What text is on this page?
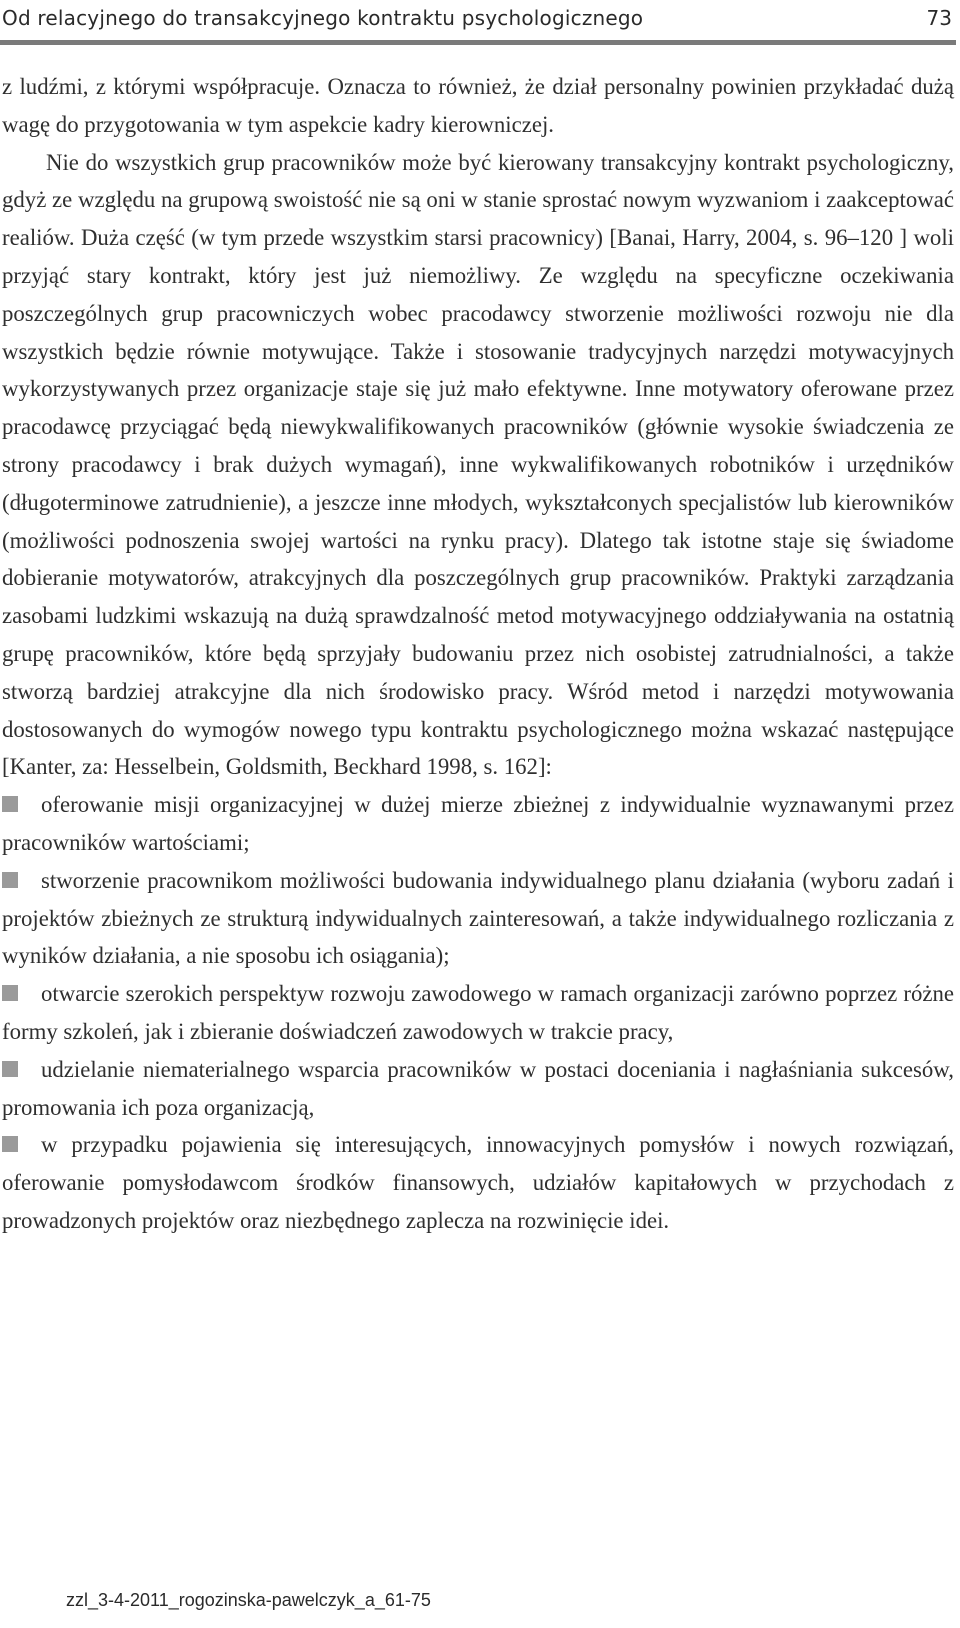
Od relacyjnego do transakcyjnego kontraktu psychologicznego	73

z ludźmi, z którymi współpracuje. Oznacza to również, że dział personalny powinien przykładać dużą wagę do przygotowania w tym aspekcie kadry kierowniczej.

Nie do wszystkich grup pracowników może być kierowany transakcyjny kontrakt psychologiczny, gdyż ze względu na grupową swoistość nie są oni w stanie sprostać nowym wyzwaniom i zaakceptować realiów. Duża część (w tym przede wszystkim starsi pracownicy) [Banai, Harry, 2004, s. 96–120 ] woli przyjąć stary kontrakt, który jest już niemożliwy. Ze względu na specyficzne oczekiwania poszczególnych grup pracowniczych wobec pracodawcy stworzenie możliwości rozwoju nie dla wszystkich będzie równie motywujące. Także i stosowanie tradycyjnych narzędzi motywacyjnych wykorzystywanych przez organizacje staje się już mało efektywne. Inne motywatory oferowane przez pracodawcę przyciągać będą niewykwalifikowanych pracowników (głównie wysokie świadczenia ze strony pracodawcy i brak dużych wymagań), inne wykwalifikowanych robotników i urzędników (długoterminowe zatrudnienie), a jeszcze inne młodych, wykształconych specjalistów lub kierowników (możliwości podnoszenia swojej wartości na rynku pracy). Dlatego tak istotne staje się świadome dobieranie motywatorów, atrakcyjnych dla poszczególnych grup pracowników. Praktyki zarządzania zasobami ludzkimi wskazują na dużą sprawdzalność metod motywacyjnego oddziaływania na ostatnią grupę pracowników, które będą sprzyjały budowaniu przez nich osobistej zatrudnialności, a także stworzą bardziej atrakcyjne dla nich środowisko pracy. Wśród metod i narzędzi motywowania dostosowanych do wymogów nowego typu kontraktu psychologicznego można wskazać następujące [Kanter, za: Hesselbein, Goldsmith, Beckhard 1998, s. 162]:

oferowanie misji organizacyjnej w dużej mierze zbieżnej z indywidualnie wyznawanymi przez pracowników wartościami;

stworzenie pracownikom możliwości budowania indywidualnego planu działania (wyboru zadań i projektów zbieżnych ze strukturą indywidualnych zainteresowań, a także indywidualnego rozliczania z wyników działania, a nie sposobu ich osiągania);

otwarcie szerokich perspektyw rozwoju zawodowego w ramach organizacji zarówno poprzez różne formy szkoleń, jak i zbieranie doświadczeń zawodowych w trakcie pracy,

udzielanie niematerialnego wsparcia pracowników w postaci doceniania i nagłaśniania sukcesów, promowania ich poza organizacją,

w przypadku pojawienia się interesujących, innowacyjnych pomysłów i nowych rozwiązań, oferowanie pomysłodawcom środków finansowych, udziałów kapitałowych w przychodach z prowadzonych projektów oraz niezbędnego zaplecza na rozwinięcie idei.

zzl_3-4-2011_rogozinska-pawelczyk_a_61-75
